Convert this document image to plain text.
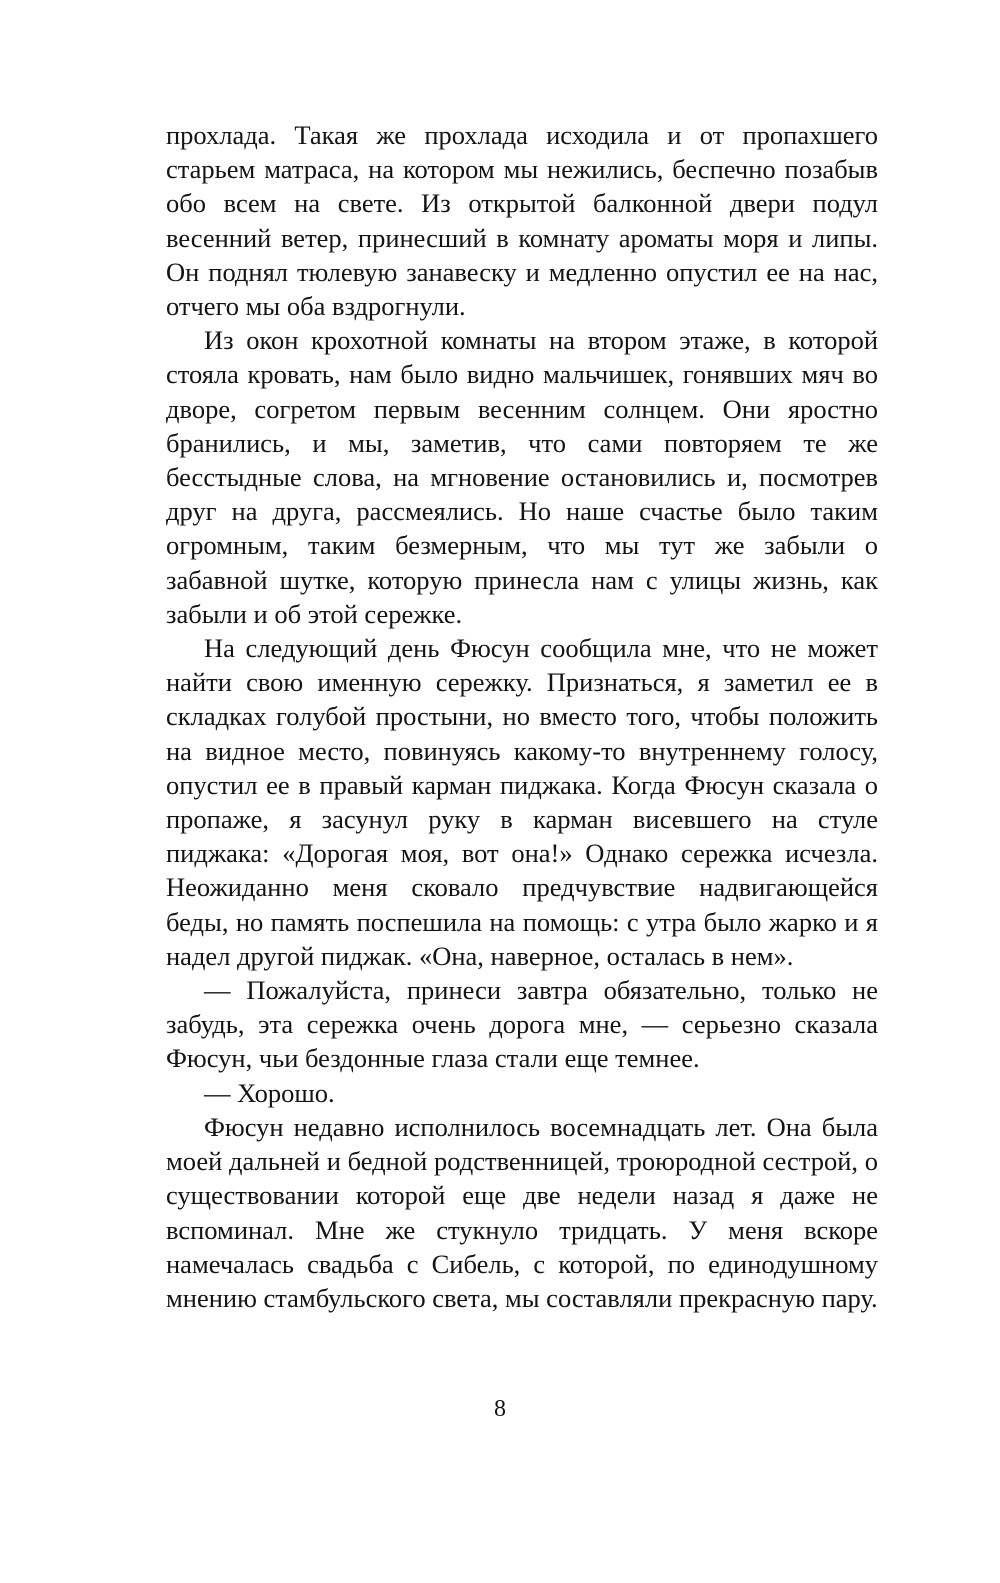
прохлада. Такая же прохлада исходила и от пропахшего старьем матраса, на котором мы нежились, беспечно позабыв обо всем на свете. Из открытой балконной двери подул весенний ветер, принесший в комнату ароматы моря и липы. Он поднял тюлевую занавеску и медленно опустил ее на нас, отчего мы оба вздрогнули.

Из окон крохотной комнаты на втором этаже, в которой стояла кровать, нам было видно мальчишек, гонявших мяч во дворе, согретом первым весенним солнцем. Они яростно бранились, и мы, заметив, что сами повторяем те же бесстыдные слова, на мгновение остановились и, посмотрев друг на друга, рассмеялись. Но наше счастье было таким огромным, таким безмерным, что мы тут же забыли о забавной шутке, которую принесла нам с улицы жизнь, как забыли и об этой сережке.

На следующий день Фюсун сообщила мне, что не может найти свою именную сережку. Признаться, я заметил ее в складках голубой простыни, но вместо того, чтобы положить на видное место, повинуясь какому-то внутреннему голосу, опустил ее в правый карман пиджака. Когда Фюсун сказала о пропаже, я засунул руку в карман висевшего на стуле пиджака: «Дорогая моя, вот она!» Однако сережка исчезла. Неожиданно меня сковало предчувствие надвигающейся беды, но память поспешила на помощь: с утра было жарко и я надел другой пиджак. «Она, наверное, осталась в нем».

— Пожалуйста, принеси завтра обязательно, только не забудь, эта сережка очень дорога мне, — серьезно сказала Фюсун, чьи бездонные глаза стали еще темнее.

— Хорошо.

Фюсун недавно исполнилось восемнадцать лет. Она была моей дальней и бедной родственницей, троюродной сестрой, о существовании которой еще две недели назад я даже не вспоминал. Мне же стукнуло тридцать. У меня вскоре намечалась свадьба с Сибель, с которой, по единодушному мнению стамбульского света, мы составляли прекрасную пару.

8
